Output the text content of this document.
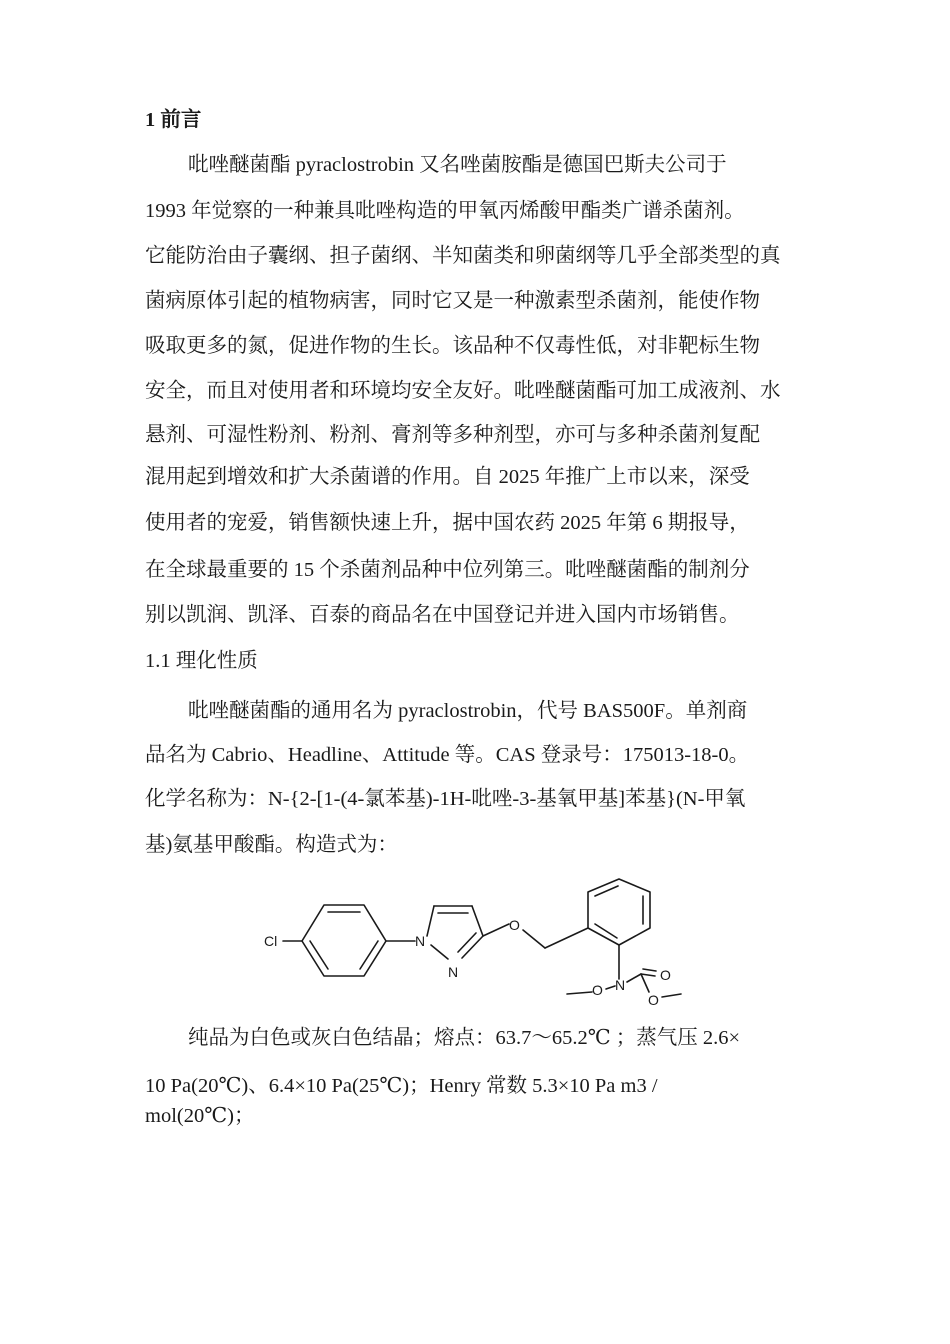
1 前言
吡唑醚菌酯 pyraclostrobin 又名唑菌胺酯是德国巴斯夫公司于
1993 年觉察的一种兼具吡唑构造的甲氧丙烯酸甲酯类广谱杀菌剂。
它能防治由子囊纲、担子菌纲、半知菌类和卵菌纲等几乎全部类型的真
菌病原体引起的植物病害，同时它又是一种激素型杀菌剂，能使作物
吸取更多的氮，促进作物的生长。该品种不仅毒性低，对非靶标生物
安全，而且对使用者和环境均安全友好。吡唑醚菌酯可加工成液剂、水
悬剂、可湿性粉剂、粉剂、膏剂等多种剂型，亦可与多种杀菌剂复配
混用起到增效和扩大杀菌谱的作用。自 2025 年推广上市以来，深受
使用者的宠爱，销售额快速上升，据中国农药 2025 年第 6 期报导，
在全球最重要的 15 个杀菌剂品种中位列第三。吡唑醚菌酯的制剂分
别以凯润、凯泽、百泰的商品名在中国登记并进入国内市场销售。
1.1 理化性质
吡唑醚菌酯的通用名为 pyraclostrobin，代号 BAS500F。单剂商
品名为 Cabrio、Headline、Attitude 等。CAS 登录号：175013-18-0。
化学名称为：N-{2-[1-(4-氯苯基)-1H-吡唑-3-基氧甲基]苯基}(N-甲氧
基)氨基甲酸酯。构造式为：
Cl	N
N
O
N
O
O
O
纯品为白色或灰白色结晶；熔点：63.7～65.2℃ ；蒸气压 2.6×
10 Pa(20℃)、6.4×10 Pa(25℃)；Henry 常数 5.3×10 Pa m3 /
mol(20℃)；
